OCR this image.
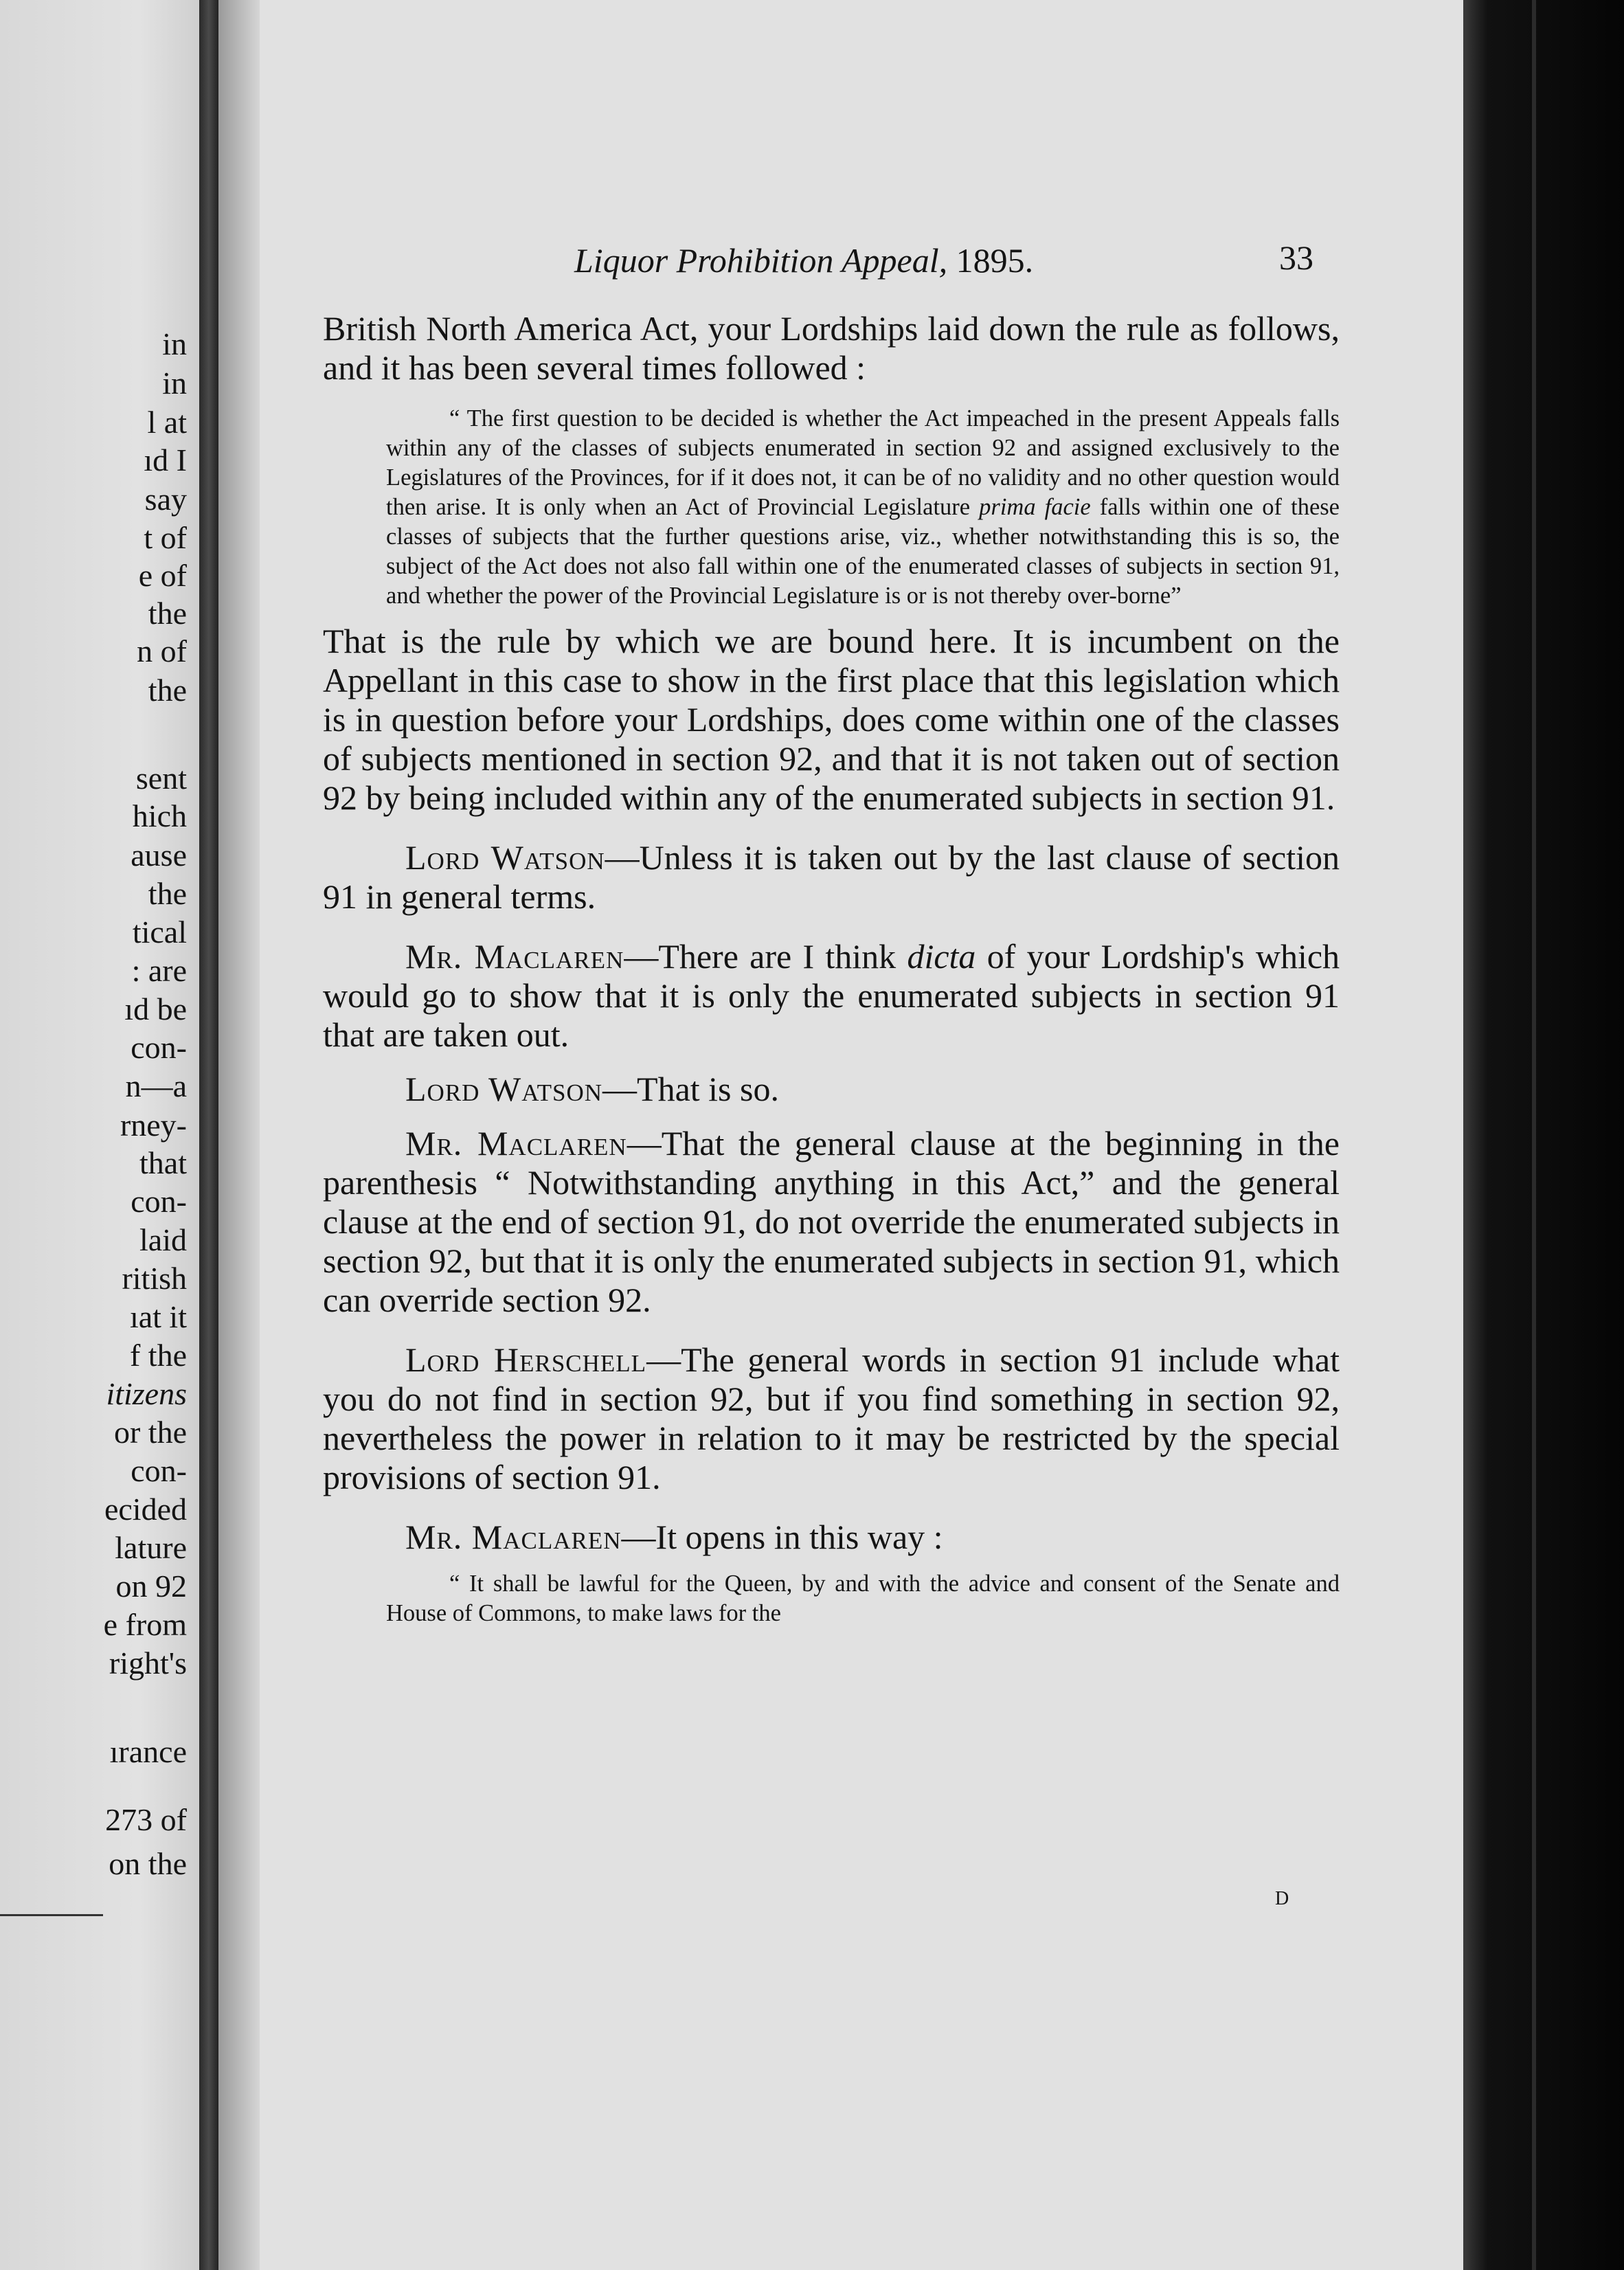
in
in
l at
ıd I
say
t of
e of
the
n of
the
sent
hich
ause
the
tical
: are
ıd be
con-
n—a
rney-
that
con-
laid
ritish
ıat it
f the
itizens
or the
con-
ecided
lature
on 92
e from
right's
ırance
273 of
on the
Liquor Prohibition Appeal, 1895.	33

British North America Act, your Lordships laid down the rule as follows, and it has been several times followed :

“ The first question to be decided is whether the Act impeached in the present Appeals falls within any of the classes of subjects enumerated in section 92 and assigned exclusively to the Legislatures of the Provinces, for if it does not, it can be of no validity and no other question would then arise. It is only when an Act of Provincial Legislature prima facie falls within one of these classes of subjects that the further questions arise, viz., whether notwithstanding this is so, the subject of the Act does not also fall within one of the enumerated classes of subjects in section 91, and whether the power of the Provincial Legislature is or is not thereby over-borne”

That is the rule by which we are bound here. It is incumbent on the Appellant in this case to show in the first place that this legislation which is in question before your Lordships, does come within one of the classes of subjects mentioned in section 92, and that it is not taken out of section 92 by being included within any of the enumerated subjects in section 91.

Lord Watson—Unless it is taken out by the last clause of section 91 in general terms.

Mr. Maclaren—There are I think dicta of your Lordship's which would go to show that it is only the enumerated subjects in section 91 that are taken out.

Lord Watson—That is so.

Mr. Maclaren—That the general clause at the beginning in the parenthesis “ Notwithstanding anything in this Act,” and the general clause at the end of section 91, do not override the enumerated subjects in section 92, but that it is only the enumerated subjects in section 91, which can override section 92.

Lord Herschell—The general words in section 91 include what you do not find in section 92, but if you find something in section 92, nevertheless the power in relation to it may be restricted by the special provisions of section 91.

Mr. Maclaren—It opens in this way :

“ It shall be lawful for the Queen, by and with the advice and consent of the Senate and House of Commons, to make laws for the

D
